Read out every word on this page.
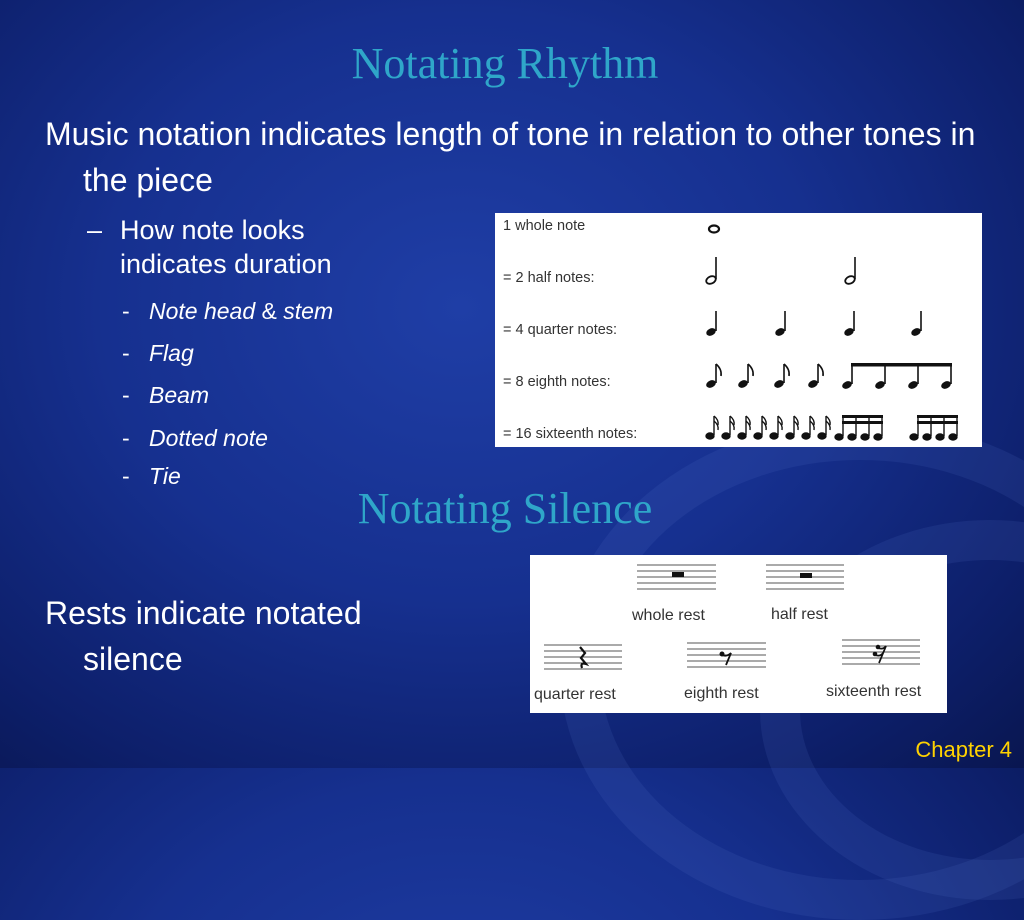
Notating Rhythm
Music notation indicates length of tone in relation to other tones in the piece
– How note looks indicates duration
- Note head & stem
- Flag
- Beam
- Dotted note
- Tie
1 whole note
= 2 half notes:
= 4 quarter notes:
= 8 eighth notes:
= 16 sixteenth notes:
Notating Silence
Rests indicate notated silence
whole rest	half rest
quarter rest	eighth rest	sixteenth rest
Chapter 4
